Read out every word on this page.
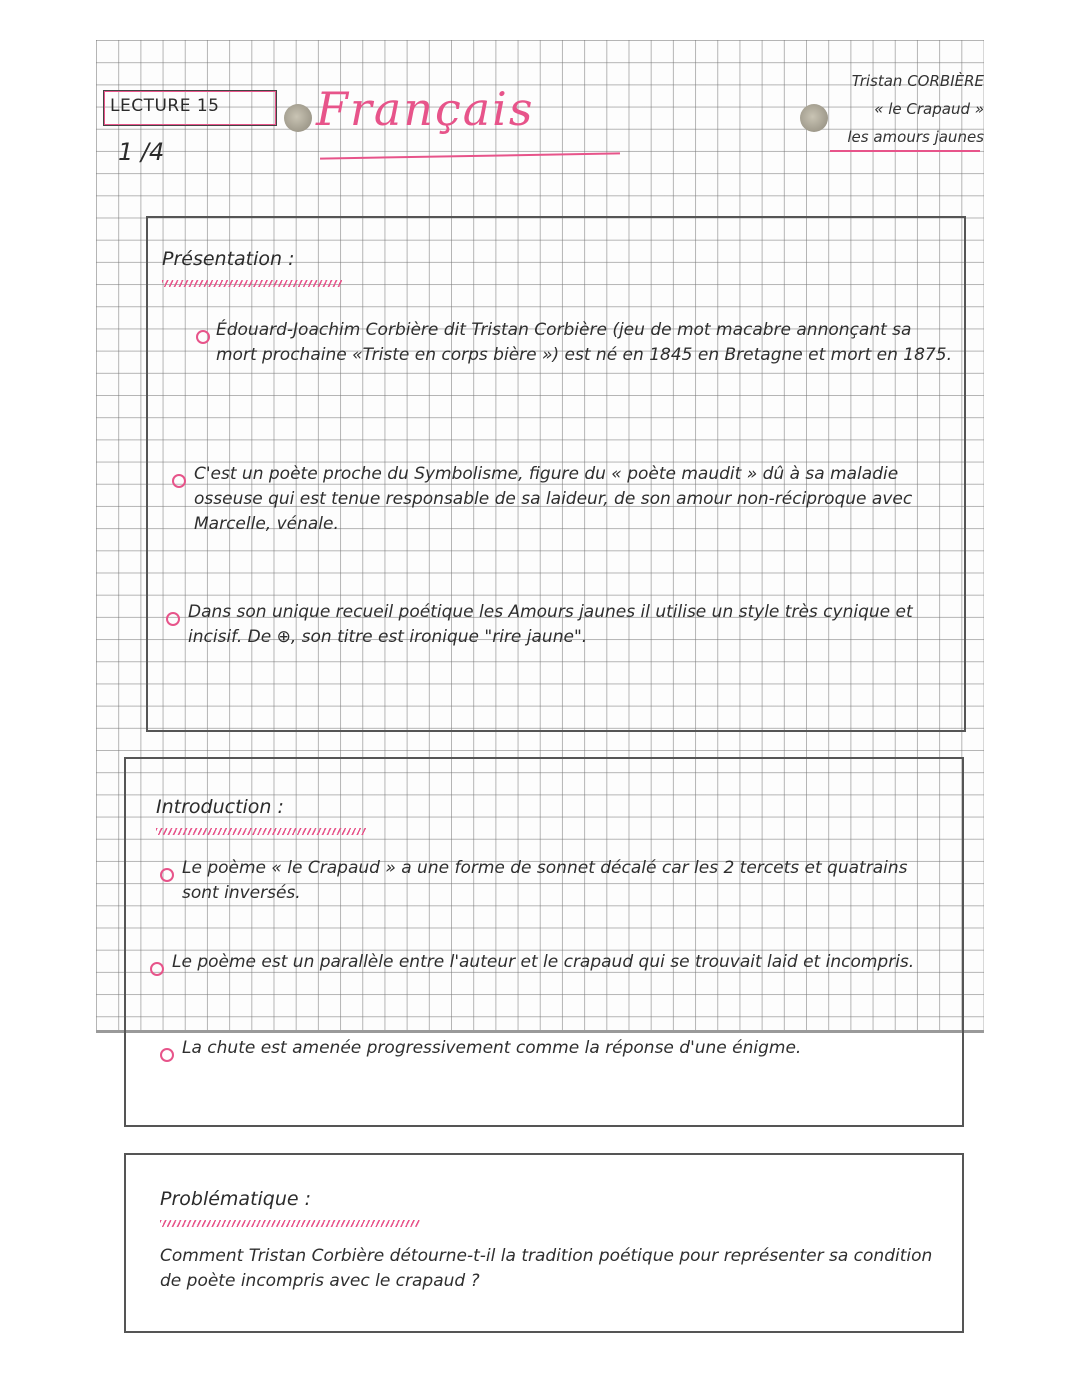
LECTURE 15
1 /4
Français
Tristan CORBIÈRE
« le Crapaud »
les amours jaunes
Présentation :
Édouard-Joachim Corbière dit Tristan Corbière (jeu de mot macabre annonçant sa mort prochaine «Triste en corps bière ») est né en 1845 en Bretagne et mort en 1875.
C'est un poète proche du Symbolisme, figure du « poète maudit » dû à sa maladie osseuse qui est tenue responsable de sa laideur, de son amour non-réciproque avec Marcelle, vénale.
Dans son unique recueil poétique les Amours jaunes il utilise un style très cynique et incisif. De ⊕, son titre est ironique "rire jaune".
Introduction :
Le poème « le Crapaud » a une forme de sonnet décalé car les 2 tercets et quatrains sont inversés.
Le poème est un parallèle entre l'auteur et le crapaud qui se trouvait laid et incompris.
La chute est amenée progressivement comme la réponse d'une énigme.
Problématique :
Comment Tristan Corbière détourne-t-il la tradition poétique pour représenter sa condition de poète incompris avec le crapaud ?
